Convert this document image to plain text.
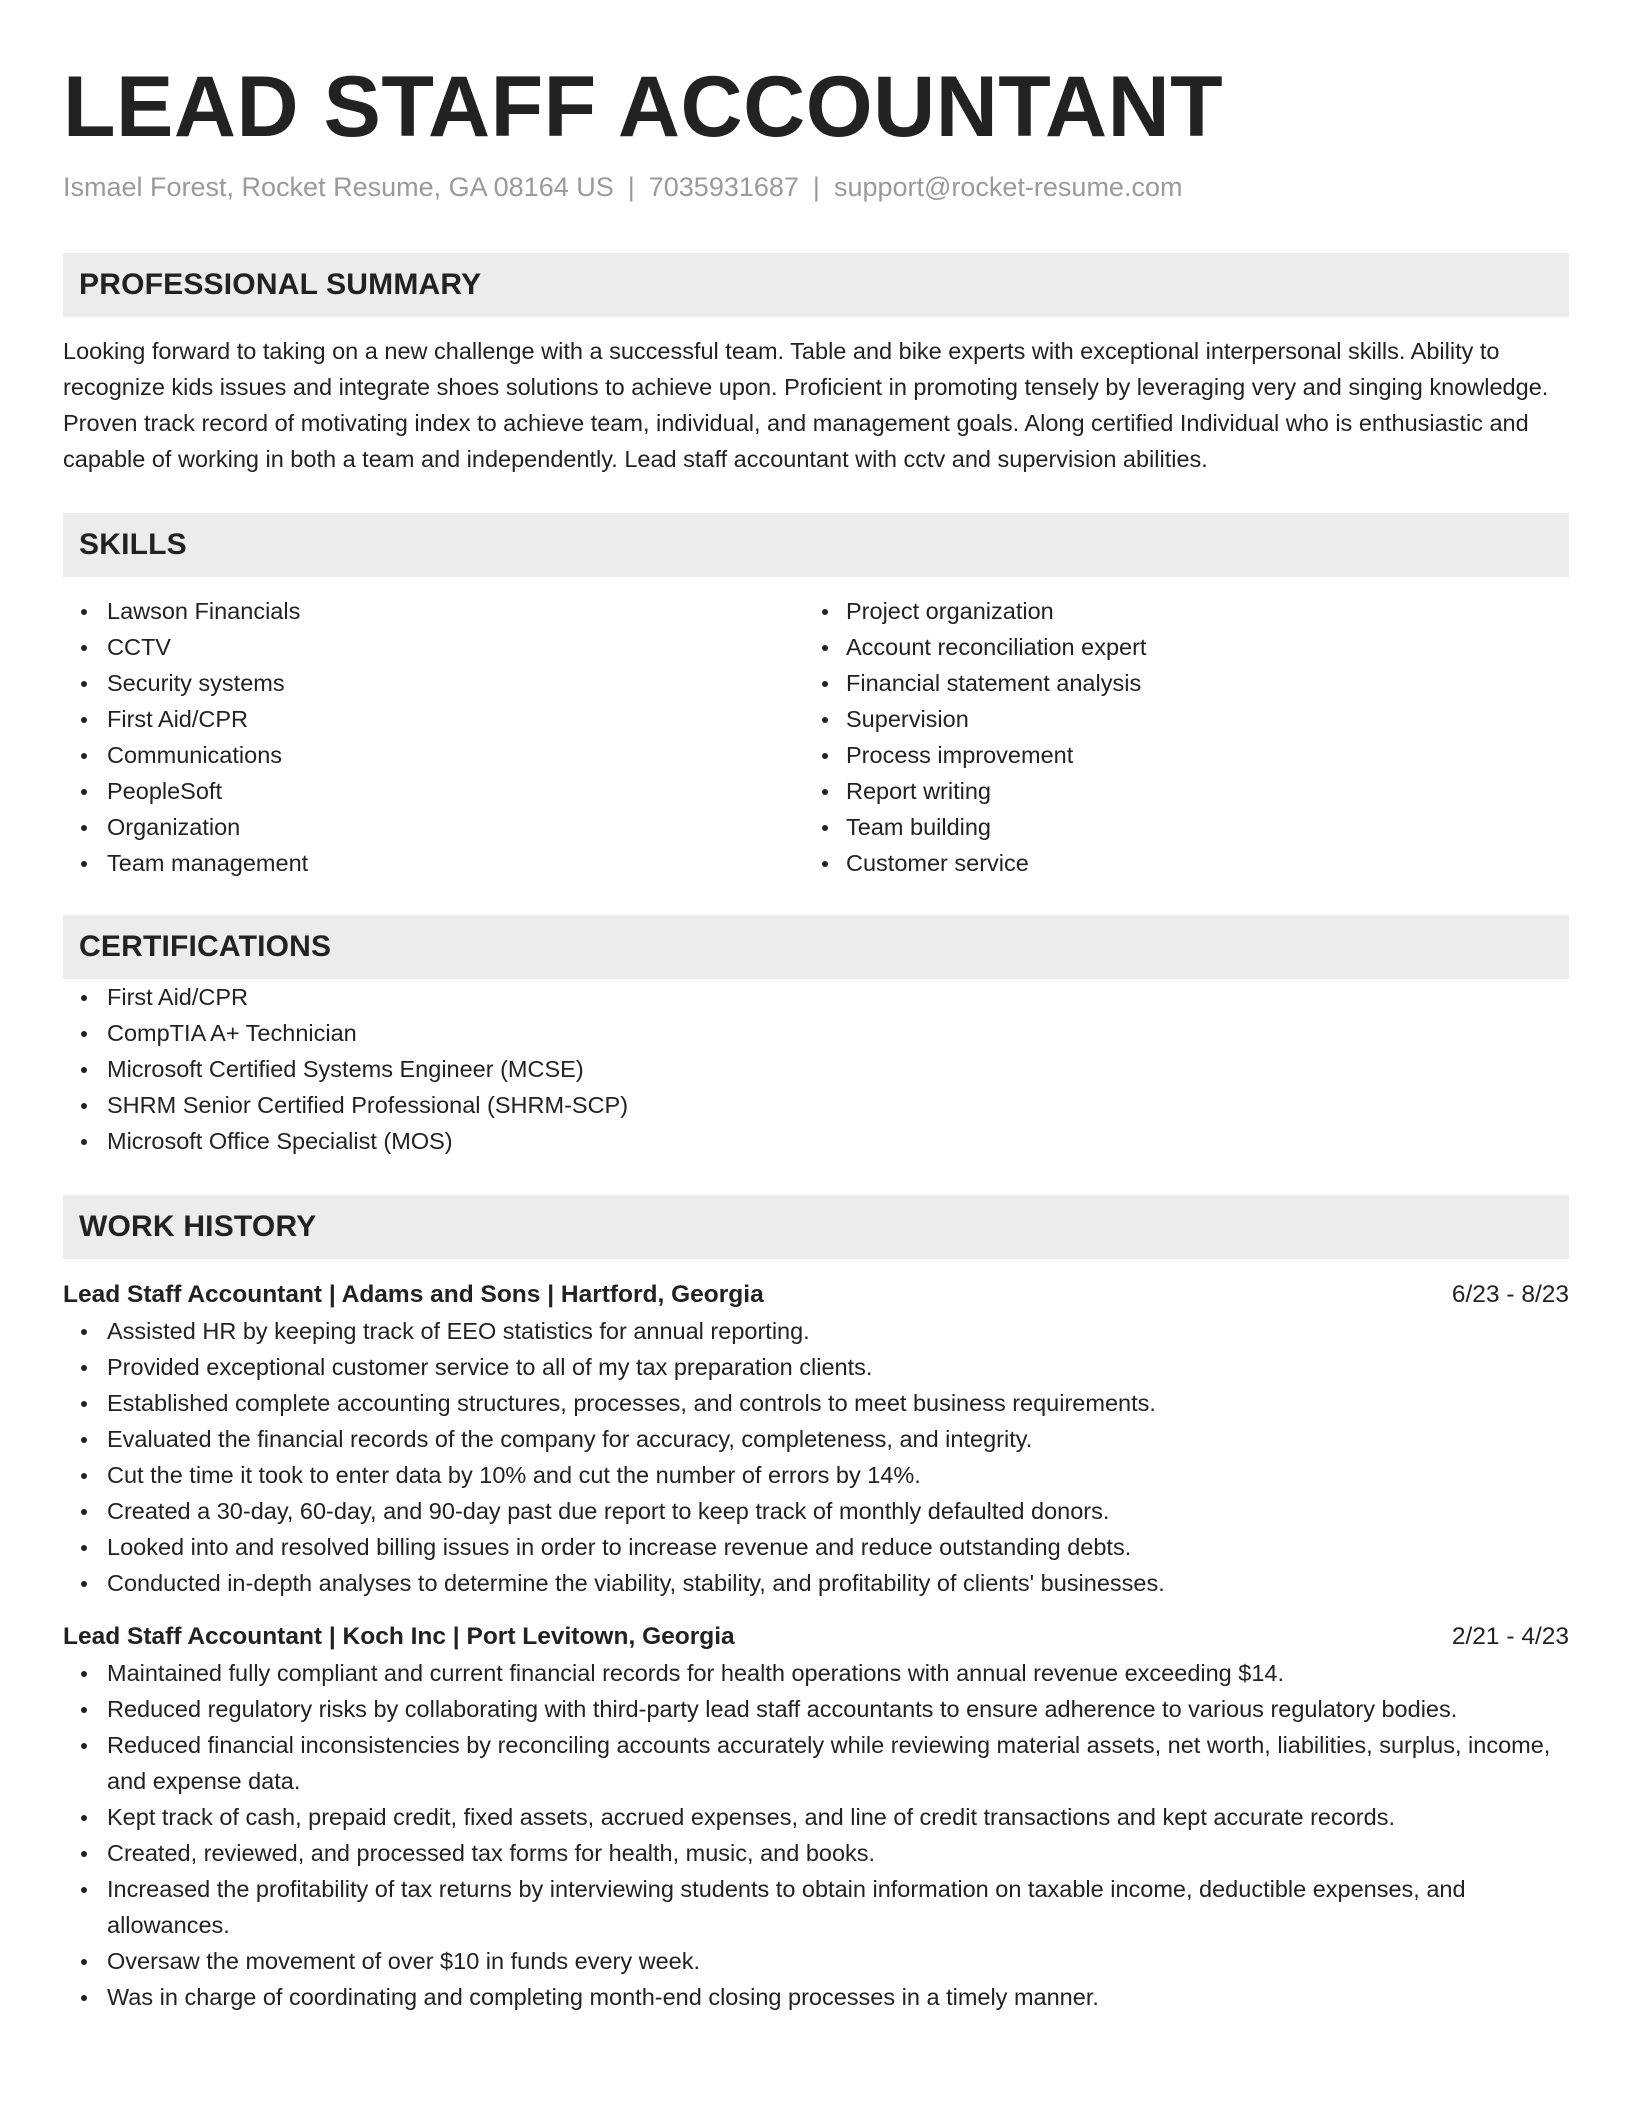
LEAD STAFF ACCOUNTANT
Ismael Forest, Rocket Resume, GA 08164 US | 7035931687 | support@rocket-resume.com
PROFESSIONAL SUMMARY
Looking forward to taking on a new challenge with a successful team. Table and bike experts with exceptional interpersonal skills. Ability to recognize kids issues and integrate shoes solutions to achieve upon. Proficient in promoting tensely by leveraging very and singing knowledge. Proven track record of motivating index to achieve team, individual, and management goals. Along certified Individual who is enthusiastic and capable of working in both a team and independently. Lead staff accountant with cctv and supervision abilities.
SKILLS
Lawson Financials
CCTV
Security systems
First Aid/CPR
Communications
PeopleSoft
Organization
Team management
Project organization
Account reconciliation expert
Financial statement analysis
Supervision
Process improvement
Report writing
Team building
Customer service
CERTIFICATIONS
First Aid/CPR
CompTIA A+ Technician
Microsoft Certified Systems Engineer (MCSE)
SHRM Senior Certified Professional (SHRM-SCP)
Microsoft Office Specialist (MOS)
WORK HISTORY
Lead Staff Accountant | Adams and Sons | Hartford, Georgia	6/23 - 8/23
Assisted HR by keeping track of EEO statistics for annual reporting.
Provided exceptional customer service to all of my tax preparation clients.
Established complete accounting structures, processes, and controls to meet business requirements.
Evaluated the financial records of the company for accuracy, completeness, and integrity.
Cut the time it took to enter data by 10% and cut the number of errors by 14%.
Created a 30-day, 60-day, and 90-day past due report to keep track of monthly defaulted donors.
Looked into and resolved billing issues in order to increase revenue and reduce outstanding debts.
Conducted in-depth analyses to determine the viability, stability, and profitability of clients' businesses.
Lead Staff Accountant | Koch Inc | Port Levitown, Georgia	2/21 - 4/23
Maintained fully compliant and current financial records for health operations with annual revenue exceeding $14.
Reduced regulatory risks by collaborating with third-party lead staff accountants to ensure adherence to various regulatory bodies.
Reduced financial inconsistencies by reconciling accounts accurately while reviewing material assets, net worth, liabilities, surplus, income, and expense data.
Kept track of cash, prepaid credit, fixed assets, accrued expenses, and line of credit transactions and kept accurate records.
Created, reviewed, and processed tax forms for health, music, and books.
Increased the profitability of tax returns by interviewing students to obtain information on taxable income, deductible expenses, and allowances.
Oversaw the movement of over $10 in funds every week.
Was in charge of coordinating and completing month-end closing processes in a timely manner.
